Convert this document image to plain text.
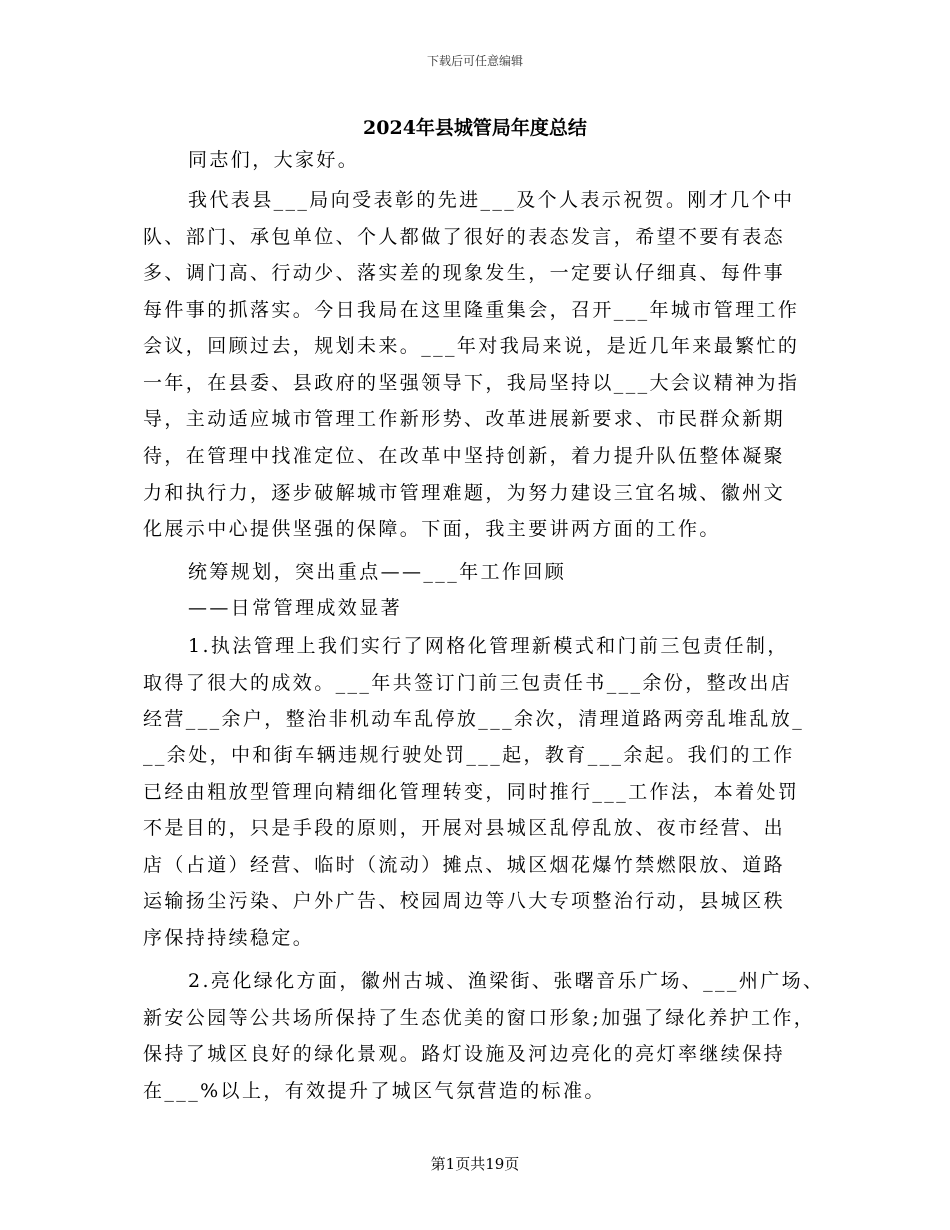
下载后可任意编辑
2024年县城管局年度总结
同志们，大家好。
我代表县___局向受表彰的先进___及个人表示祝贺。刚才几个中
队、部门、承包单位、个人都做了很好的表态发言，希望不要有表态
多、调门高、行动少、落实差的现象发生，一定要认仔细真、每件事
每件事的抓落实。今日我局在这里隆重集会，召开___年城市管理工作
会议，回顾过去，规划未来。___年对我局来说，是近几年来最繁忙的
一年，在县委、县政府的坚强领导下，我局坚持以___大会议精神为指
导，主动适应城市管理工作新形势、改革进展新要求、市民群众新期
待，在管理中找准定位、在改革中坚持创新，着力提升队伍整体凝聚
力和执行力，逐步破解城市管理难题，为努力建设三宜名城、徽州文
化展示中心提供坚强的保障。下面，我主要讲两方面的工作。
统筹规划，突出重点——___年工作回顾
——日常管理成效显著
1.执法管理上我们实行了网格化管理新模式和门前三包责任制，
取得了很大的成效。___年共签订门前三包责任书___余份，整改出店
经营___余户，整治非机动车乱停放___余次，清理道路两旁乱堆乱放_
__余处，中和街车辆违规行驶处罚___起，教育___余起。我们的工作
已经由粗放型管理向精细化管理转变，同时推行___工作法，本着处罚
不是目的，只是手段的原则，开展对县城区乱停乱放、夜市经营、出
店（占道）经营、临时（流动）摊点、城区烟花爆竹禁燃限放、道路
运输扬尘污染、户外广告、校园周边等八大专项整治行动，县城区秩
序保持持续稳定。
2.亮化绿化方面，徽州古城、渔梁街、张曙音乐广场、___州广场、
新安公园等公共场所保持了生态优美的窗口形象;加强了绿化养护工作，
保持了城区良好的绿化景观。路灯设施及河边亮化的亮灯率继续保持
在___%以上，有效提升了城区气氛营造的标准。
第1页共19页
